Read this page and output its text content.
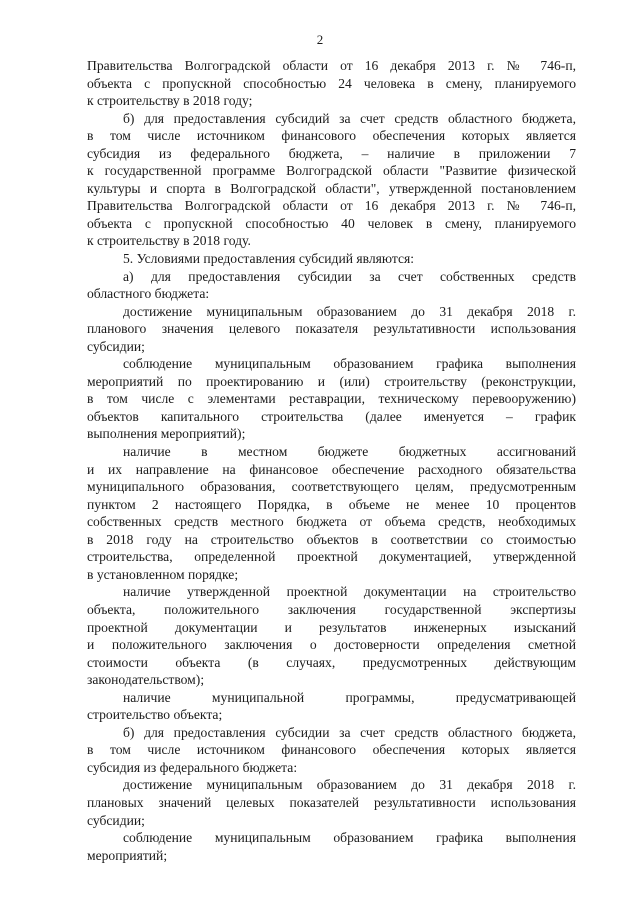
2
Правительства Волгоградской области от 16 декабря 2013 г. № 746-п,
объекта с пропускной способностью 24 человека в смену, планируемого
к строительству в 2018 году;
б) для предоставления субсидий за счет средств областного бюджета,
в том числе источником финансового обеспечения которых является
субсидия из федерального бюджета, – наличие в приложении 7
к государственной программе Волгоградской области "Развитие физической
культуры и спорта в Волгоградской области", утвержденной постановлением
Правительства Волгоградской области от 16 декабря 2013 г. № 746-п,
объекта с пропускной способностью 40 человек в смену, планируемого
к строительству в 2018 году.
5. Условиями предоставления субсидий являются:
а) для предоставления субсидии за счет собственных средств
областного бюджета:
достижение муниципальным образованием до 31 декабря 2018 г.
планового значения целевого показателя результативности использования
субсидии;
соблюдение муниципальным образованием графика выполнения
мероприятий по проектированию и (или) строительству (реконструкции,
в том числе с элементами реставрации, техническому перевооружению)
объектов капитального строительства (далее именуется – график
выполнения мероприятий);
наличие в местном бюджете бюджетных ассигнований
и их направление на финансовое обеспечение расходного обязательства
муниципального образования, соответствующего целям, предусмотренным
пунктом 2 настоящего Порядка, в объеме не менее 10 процентов
собственных средств местного бюджета от объема средств, необходимых
в 2018 году на строительство объектов в соответствии со стоимостью
строительства, определенной проектной документацией, утвержденной
в установленном порядке;
наличие утвержденной проектной документации на строительство
объекта, положительного заключения государственной экспертизы
проектной документации и результатов инженерных изысканий
и положительного заключения о достоверности определения сметной
стоимости объекта (в случаях, предусмотренных действующим
законодательством);
наличие муниципальной программы, предусматривающей
строительство объекта;
б) для предоставления субсидии за счет средств областного бюджета,
в том числе источником финансового обеспечения которых является
субсидия из федерального бюджета:
достижение муниципальным образованием до 31 декабря 2018 г.
плановых значений целевых показателей результативности использования
субсидии;
соблюдение муниципальным образованием графика выполнения
мероприятий;
